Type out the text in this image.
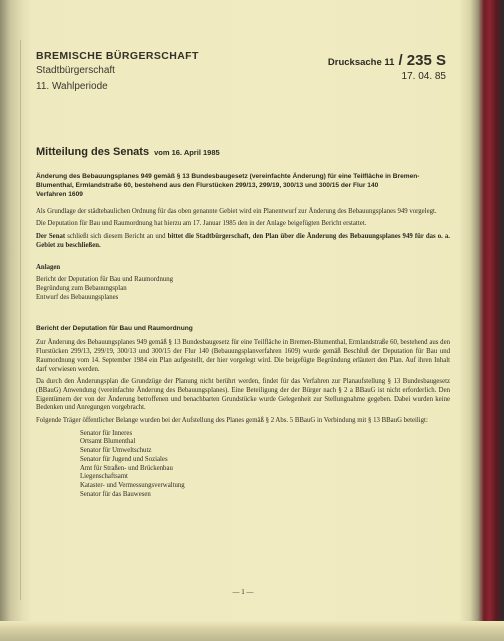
BREMISCHE BÜRGERSCHAFT
Stadtbürgerschaft
11. Wahlperiode
Drucksache 11 / 235 S
17. 04. 85
Mitteilung des Senats vom 16. April 1985
Änderung des Bebauungsplanes 949 gemäß § 13 Bundesbaugesetz (vereinfachte Änderung) für eine Teilfläche in Bremen-Blumenthal, Ermlandstraße 60, bestehend aus den Flurstücken 299/13, 299/19, 300/13 und 300/15 der Flur 140
Verfahren 1609

Als Grundlage der städtebaulichen Ordnung für das oben genannte Gebiet wird ein Planentwurf zur Änderung des Bebauungsplanes 949 vorgelegt.

Die Deputation für Bau und Raumordnung hat hierzu am 17. Januar 1985 den in der Anlage beigefügten Bericht erstattet.

Der Senat schließt sich diesem Bericht an und bittet die Stadtbürgerschaft, den Plan über die Änderung des Bebauungsplanes 949 für das o. a. Gebiet zu beschließen.

Anlagen
Bericht der Deputation für Bau und Raumordnung
Begründung zum Bebauungsplan
Entwurf des Bebauungsplanes
Bericht der Deputation für Bau und Raumordnung

Zur Änderung des Bebauungsplanes 949 gemäß § 13 Bundesbaugesetz für eine Teilfläche in Bremen-Blumenthal, Ermlandstraße 60, bestehend aus den Flurstücken 299/13, 299/19, 300/13 und 300/15 der Flur 140 (Bebauungsplanverfahren 1609) wurde gemäß Beschluß der Deputation für Bau und Raumordnung vom 14. September 1984 ein Plan aufgestellt, der hier vorgelegt wird. Die beigefügte Begründung erläutert den Plan. Auf ihren Inhalt darf verwiesen werden.

Da durch den Änderungsplan die Grundzüge der Planung nicht berührt werden, findet für das Verfahren zur Planaufstellung § 13 Bundesbaugesetz (BBauG) Anwendung (vereinfachte Änderung des Bebauungsplanes). Eine Beteiligung der der Bürger nach § 2 a BBauG ist nicht erforderlich. Den Eigentümern der von der Änderung betroffenen und benachbarten Grundstücke wurde Gelegenheit zur Stellungnahme gegeben. Dabei wurden keine Bedenken und Anregungen vorgebracht.

Folgende Träger öffentlicher Belange wurden bei der Aufstellung des Planes gemäß § 2 Abs. 5 BBauG in Verbindung mit § 13 BBauG beteiligt:

Senator für Inneres
Ortsamt Blumenthal
Senator für Umweltschutz
Senator für Jugend und Soziales
Amt für Straßen- und Brückenbau
Liegenschaftsamt
Kataster- und Vermessungsverwaltung
Senator für das Bauwesen
— 1 —
